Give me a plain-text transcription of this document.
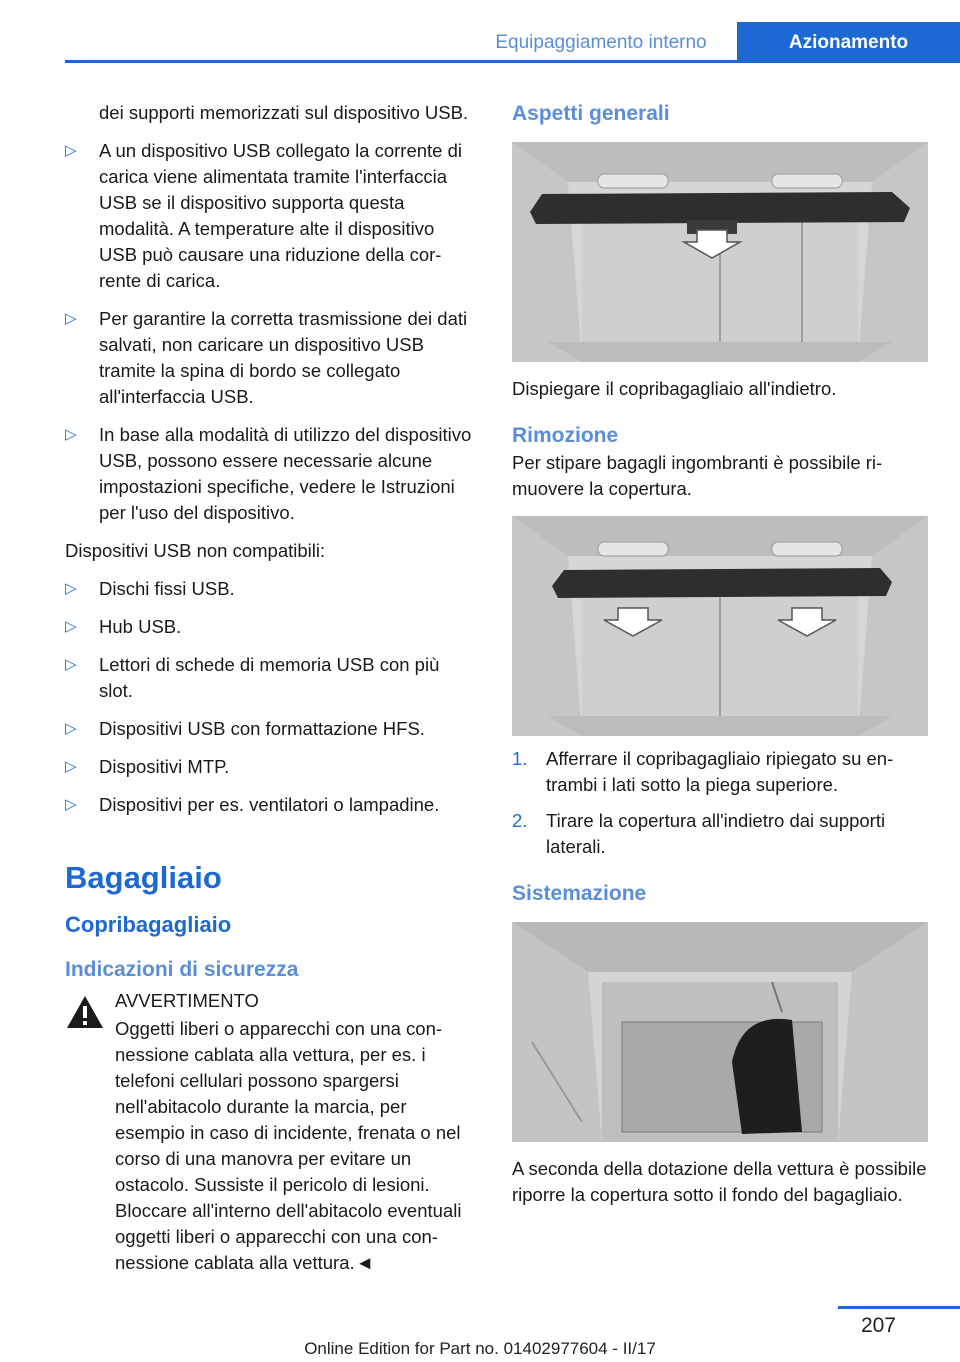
Equipaggiamento interno	Azionamento

dei supporti memorizzati sul dispositivo USB.

▷ A un dispositivo USB collegato la corrente di carica viene alimentata tramite l'interfaccia USB se il dispositivo supporta questa modalità. A temperature alte il dispositivo USB può causare una riduzione della corrente di carica.
▷ Per garantire la corretta trasmissione dei dati salvati, non caricare un dispositivo USB tramite la spina di bordo se collegato all'interfaccia USB.
▷ In base alla modalità di utilizzo del dispositivo USB, possono essere necessarie alcune impostazioni specifiche, vedere le Istruzioni per l'uso del dispositivo.

Dispositivi USB non compatibili:

▷ Dischi fissi USB.
▷ Hub USB.
▷ Lettori di schede di memoria USB con più slot.
▷ Dispositivi USB con formattazione HFS.
▷ Dispositivi MTP.
▷ Dispositivi per es. ventilatori o lampadine.
Bagagliaio
Copribagagliaio
Indicazioni di sicurezza

AVVERTIMENTO

Oggetti liberi o apparecchi con una connessione cablata alla vettura, per es. i telefoni cellulari possono spargersi nell'abitacolo durante la marcia, per esempio in caso di incidente, frenata o nel corso di una manovra per evitare un ostacolo. Sussiste il pericolo di lesioni. Bloccare all'interno dell'abitacolo eventuali oggetti liberi o apparecchi con una connessione cablata alla vettura.◄

Aspetti generali

Dispiegare il copribagagliaio all'indietro.

Rimozione

Per stipare bagagli ingombranti è possibile rimuovere la copertura.

1. Afferrare il copribagagliaio ripiegato su entrambi i lati sotto la piega superiore.
2. Tirare la copertura all'indietro dai supporti laterali.
Sistemazione

A seconda della dotazione della vettura è possibile riporre la copertura sotto il fondo del bagagliaio.

207
Online Edition for Part no. 01402977604 - II/17
